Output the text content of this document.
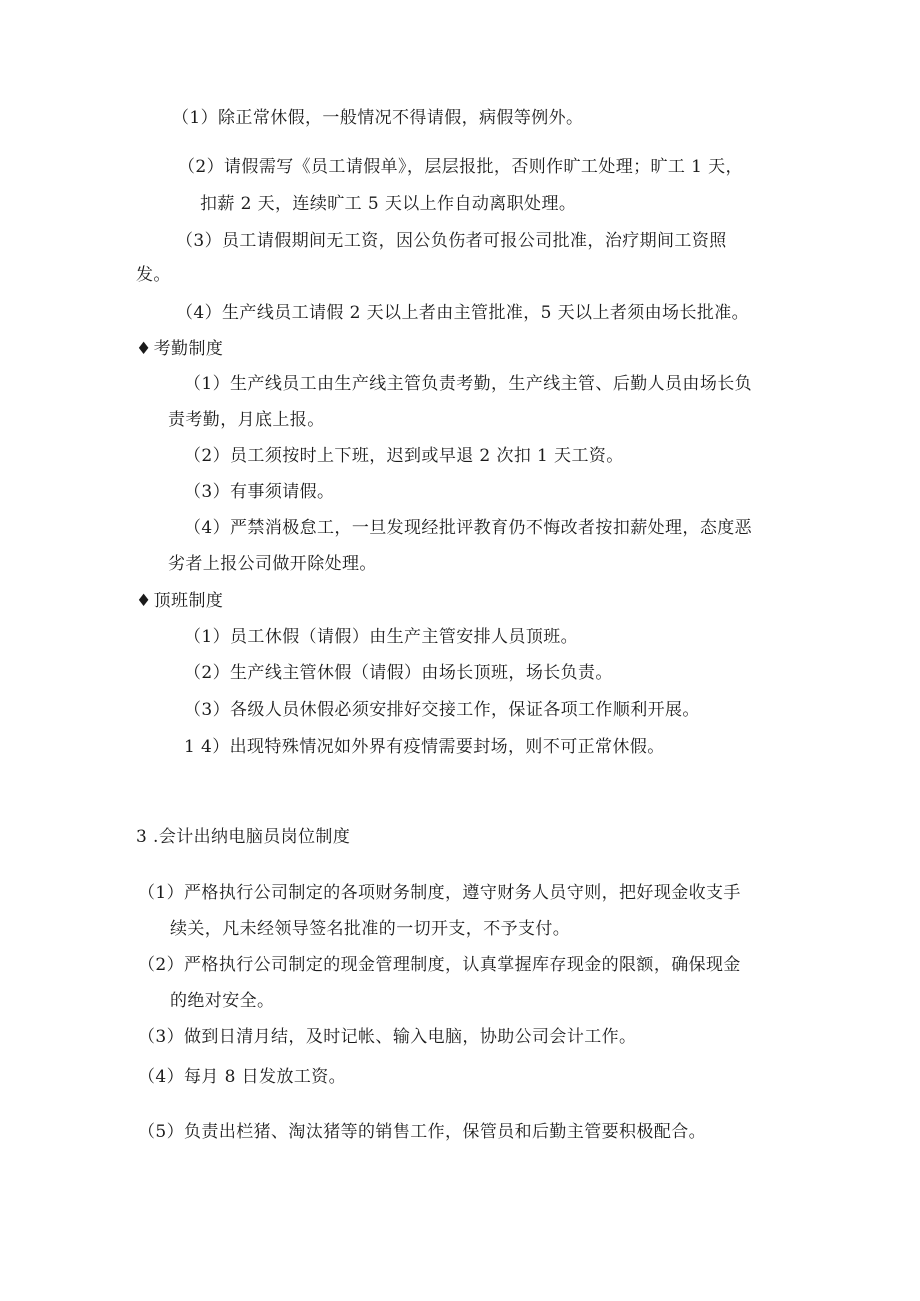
（1）除正常休假，一般情况不得请假，病假等例外。
（2）请假需写《员工请假单》，层层报批，否则作旷工处理；旷工 1 天，
扣薪 2 天，连续旷工 5 天以上作自动离职处理。
（3）员工请假期间无工资，因公负伤者可报公司批准，治疗期间工资照
发。
（4）生产线员工请假 2 天以上者由主管批准，5 天以上者须由场长批准。
♦ 考勤制度
（1）生产线员工由生产线主管负责考勤，生产线主管、后勤人员由场长负
责考勤，月底上报。
（2）员工须按时上下班，迟到或早退 2 次扣 1 天工资。
（3）有事须请假。
（4）严禁消极怠工，一旦发现经批评教育仍不悔改者按扣薪处理，态度恶
劣者上报公司做开除处理。
♦ 顶班制度
（1）员工休假（请假）由生产主管安排人员顶班。
（2）生产线主管休假（请假）由场长顶班，场长负责。
（3）各级人员休假必须安排好交接工作，保证各项工作顺利开展。
1 4）出现特殊情况如外界有疫情需要封场，则不可正常休假。
3 .会计出纳电脑员岗位制度
（1）严格执行公司制定的各项财务制度，遵守财务人员守则，把好现金收支手
续关，凡未经领导签名批准的一切开支，不予支付。
（2）严格执行公司制定的现金管理制度，认真掌握库存现金的限额，确保现金
的绝对安全。
（3）做到日清月结，及时记帐、输入电脑，协助公司会计工作。
（4）每月 8 日发放工资。
（5）负责出栏猪、淘汰猪等的销售工作，保管员和后勤主管要积极配合。
